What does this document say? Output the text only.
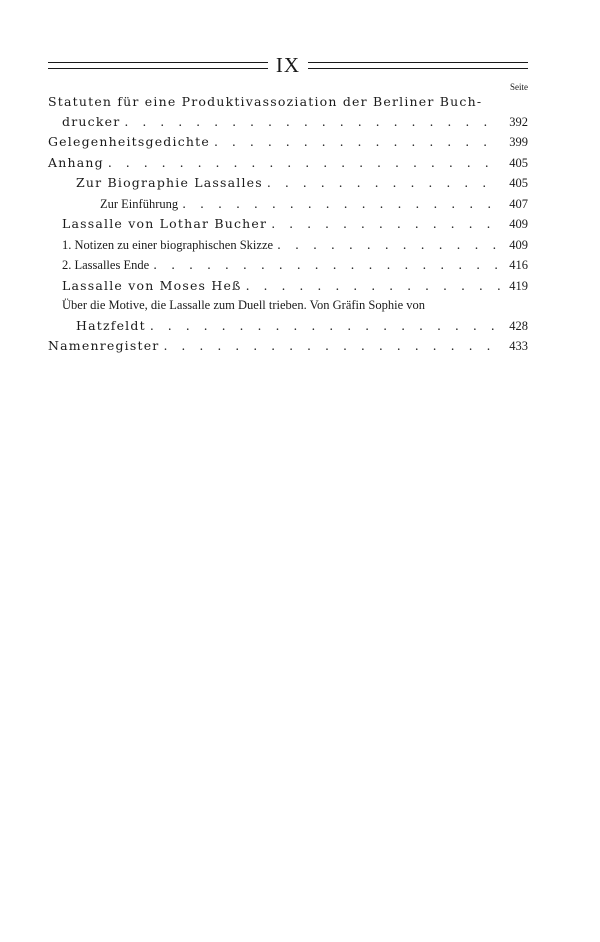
IX
Seite
Statuten für eine Produktivassoziation der Berliner Buch-
drucker . . .	392
Gelegenheitsgedichte . . .	399
Anhang . . .	405
Zur Biographie Lassalles . . .	405
Zur Einführung . . .	407
Lassalle von Lothar Bucher . . .	409
1. Notizen zu einer biographischen Skizze . . .	409
2. Lassalles Ende . . .	416
Lassalle von Moses Heß . . .	419
Über die Motive, die Lassalle zum Duell trieben. Von Gräfin Sophie von
Hatzfeldt . . .	428
Namenregister . . .	433
